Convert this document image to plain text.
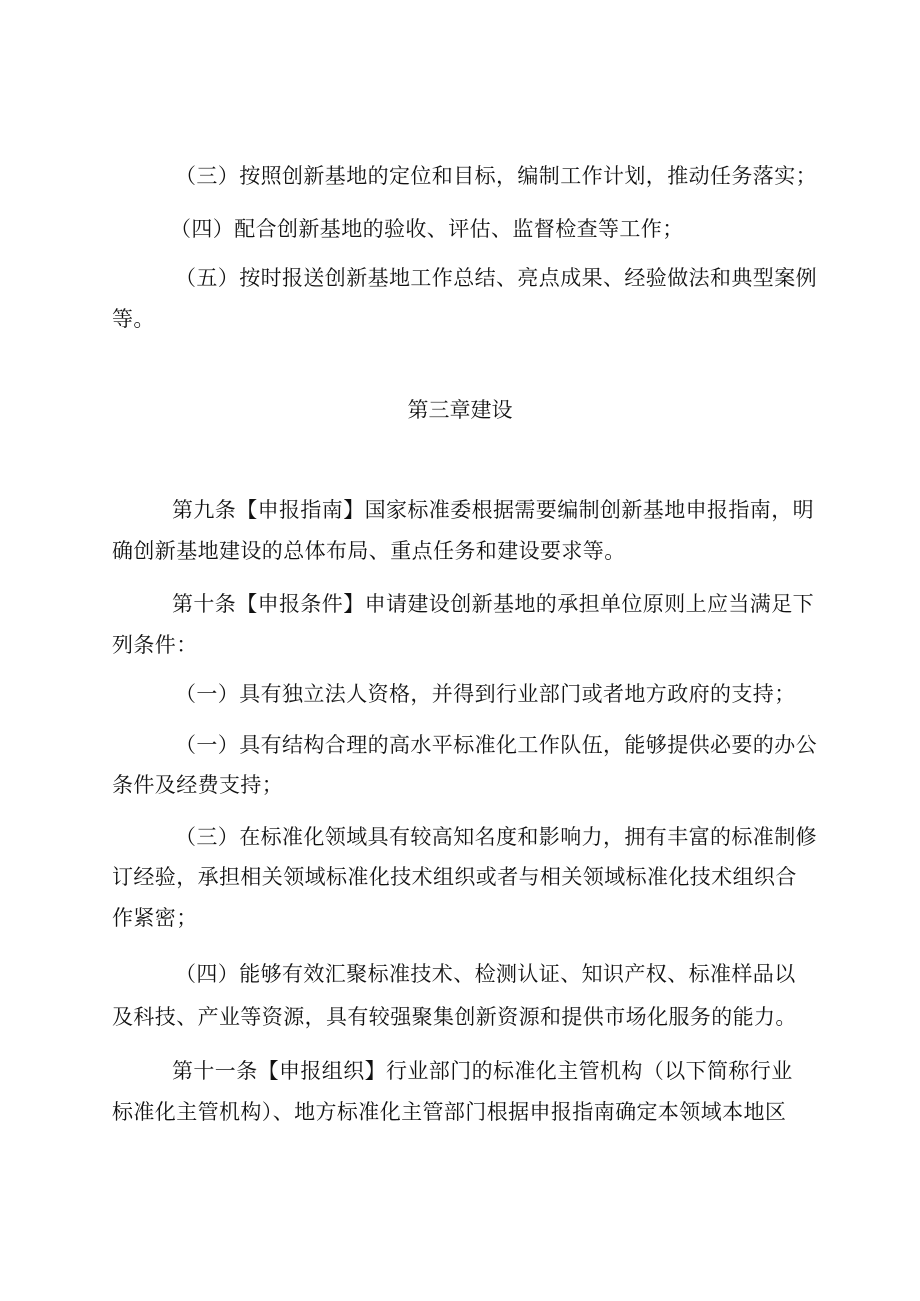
（三）按照创新基地的定位和目标，编制工作计划，推动任务落实；
（四）配合创新基地的验收、评估、监督检查等工作；
（五）按时报送创新基地工作总结、亮点成果、经验做法和典型案例
等。
第三章建设
第九条【申报指南】国家标准委根据需要编制创新基地申报指南，明
确创新基地建设的总体布局、重点任务和建设要求等。
第十条【申报条件】申请建设创新基地的承担单位原则上应当满足下
列条件：
（一）具有独立法人资格，并得到行业部门或者地方政府的支持；
（一）具有结构合理的高水平标准化工作队伍，能够提供必要的办公
条件及经费支持；
（三）在标准化领域具有较高知名度和影响力，拥有丰富的标准制修
订经验，承担相关领域标准化技术组织或者与相关领域标准化技术组织合
作紧密；
（四）能够有效汇聚标准技术、检测认证、知识产权、标准样品以
及科技、产业等资源，具有较强聚集创新资源和提供市场化服务的能力。
第十一条【申报组织】行业部门的标准化主管机构（以下简称行业
标准化主管机构）、地方标准化主管部门根据申报指南确定本领域本地区
